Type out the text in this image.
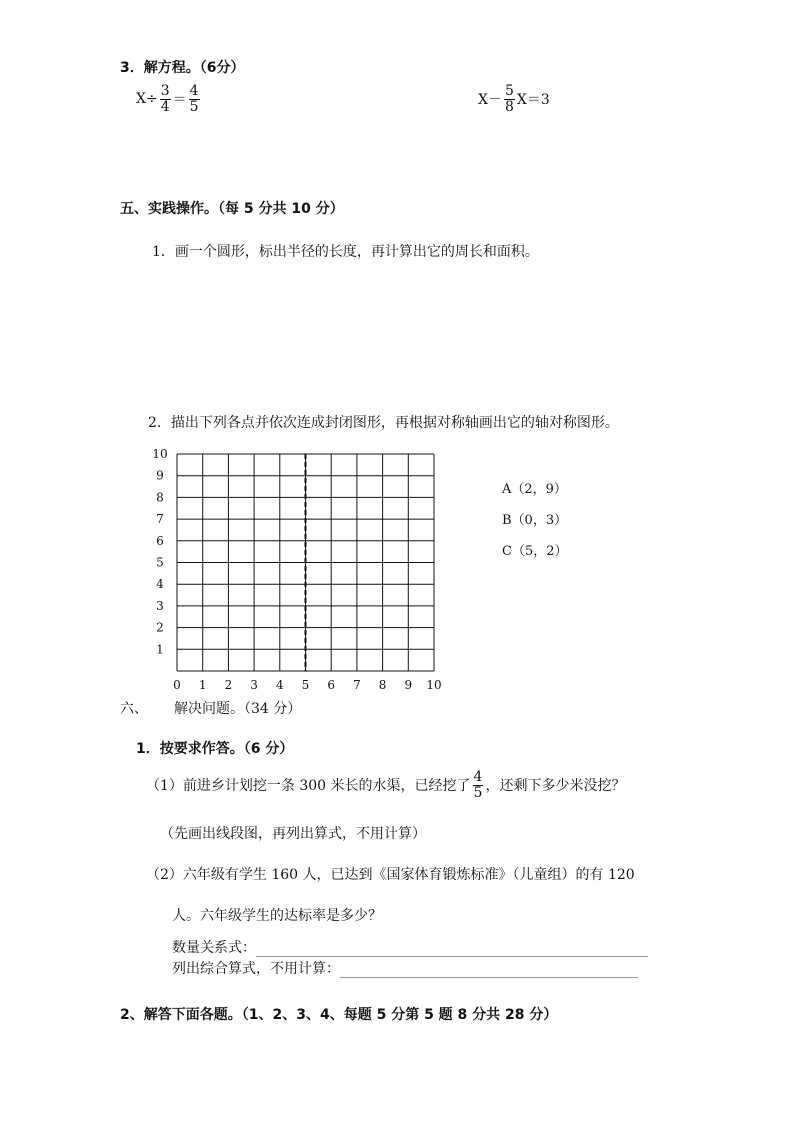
3．解方程。（6分）
$X\div \frac{3}{4} = \frac{4}{5}$	$X- \frac{5}{8} X=3$
五、实践操作。（每 5 分共 10 分）
1．画一个圆形，标出半径的长度，再计算出它的周长和面积。
2．描出下列各点并依次连成封闭图形，再根据对称轴画出它的轴对称图形。
0 1 2 3 4 5 6 7 8 9 10
1
2
3
4
5
6
7
8
9
10
A（2，9）
B（0，3）
C（5，2）
六、 解决问题。（34 分）
1．按要求作答。（6 分）
（1）前进乡计划挖一条 300 米长的水渠，已经挖了 $\frac{4}{5}$ ，还剩下多少米没挖？
（先画出线段图，再列出算式，不用计算）
（2）六年级有学生 160 人，已达到《国家体育锻炼标准》（儿童组）的有 120
人。六年级学生的达标率是多少？
数量关系式：
列出综合算式，不用计算：
2、解答下面各题。（1、2、3、4、每题 5 分第 5 题 8 分共 28 分）
